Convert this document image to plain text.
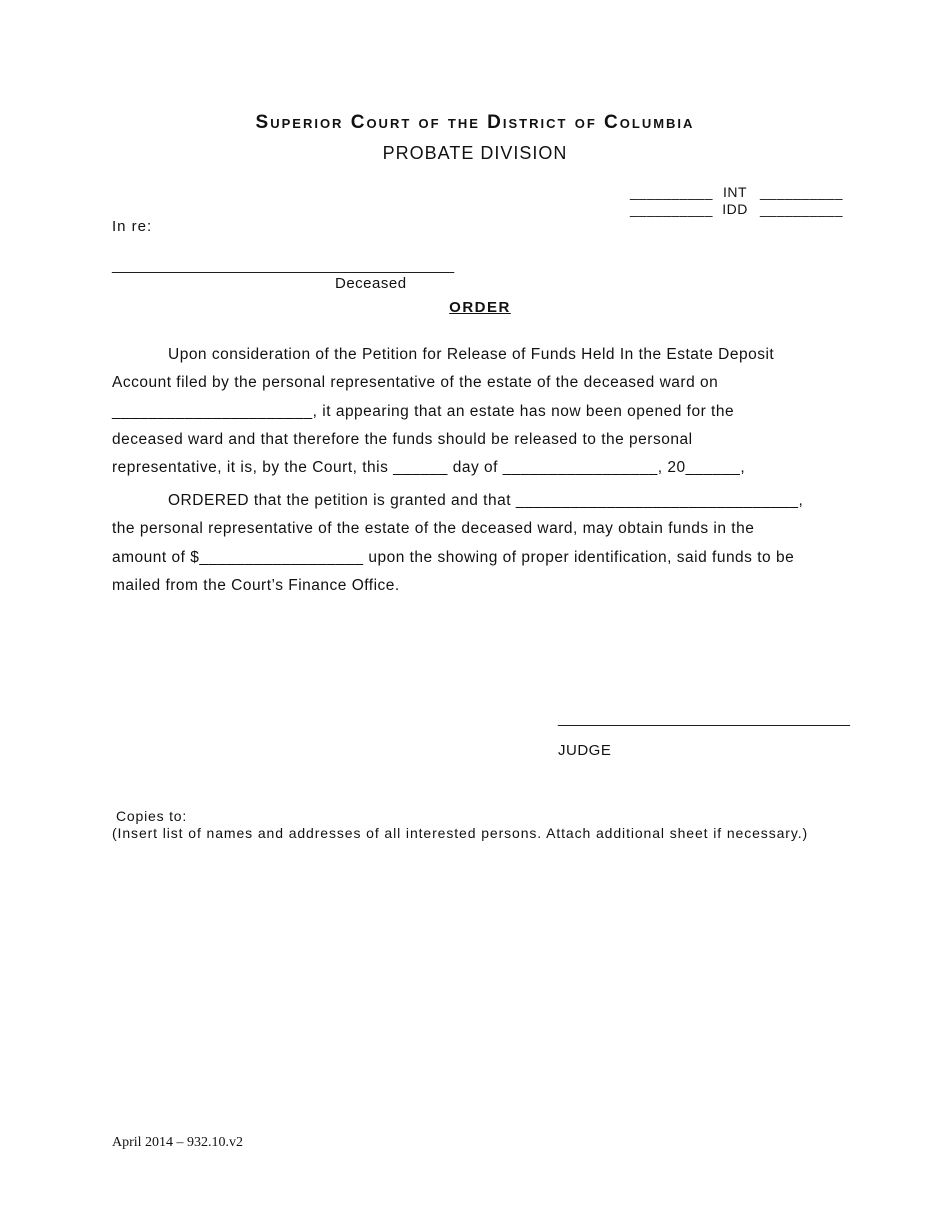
Superior Court of the District of Columbia
PROBATE DIVISION
__________ INT __________
__________ IDD __________
In re:
_________________________________________
Deceased
ORDER
Upon consideration of the Petition for Release of Funds Held In the Estate Deposit
Account filed by the personal representative of the estate of the deceased ward on
______________________, it appearing that an estate has now been opened for the
deceased ward and that therefore the funds should be released to the personal
representative, it is, by the Court, this ______ day of _________________, 20______,
ORDERED that the petition is granted and that _______________________________,
the personal representative of the estate of the deceased ward, may obtain funds in the
amount of $__________________ upon the showing of proper identification, said funds to be
mailed from the Court’s Finance Office.
___________________________________
JUDGE
Copies to:
(Insert list of names and addresses of all interested persons. Attach additional sheet if necessary.)
April 2014 – 932.10.v2
